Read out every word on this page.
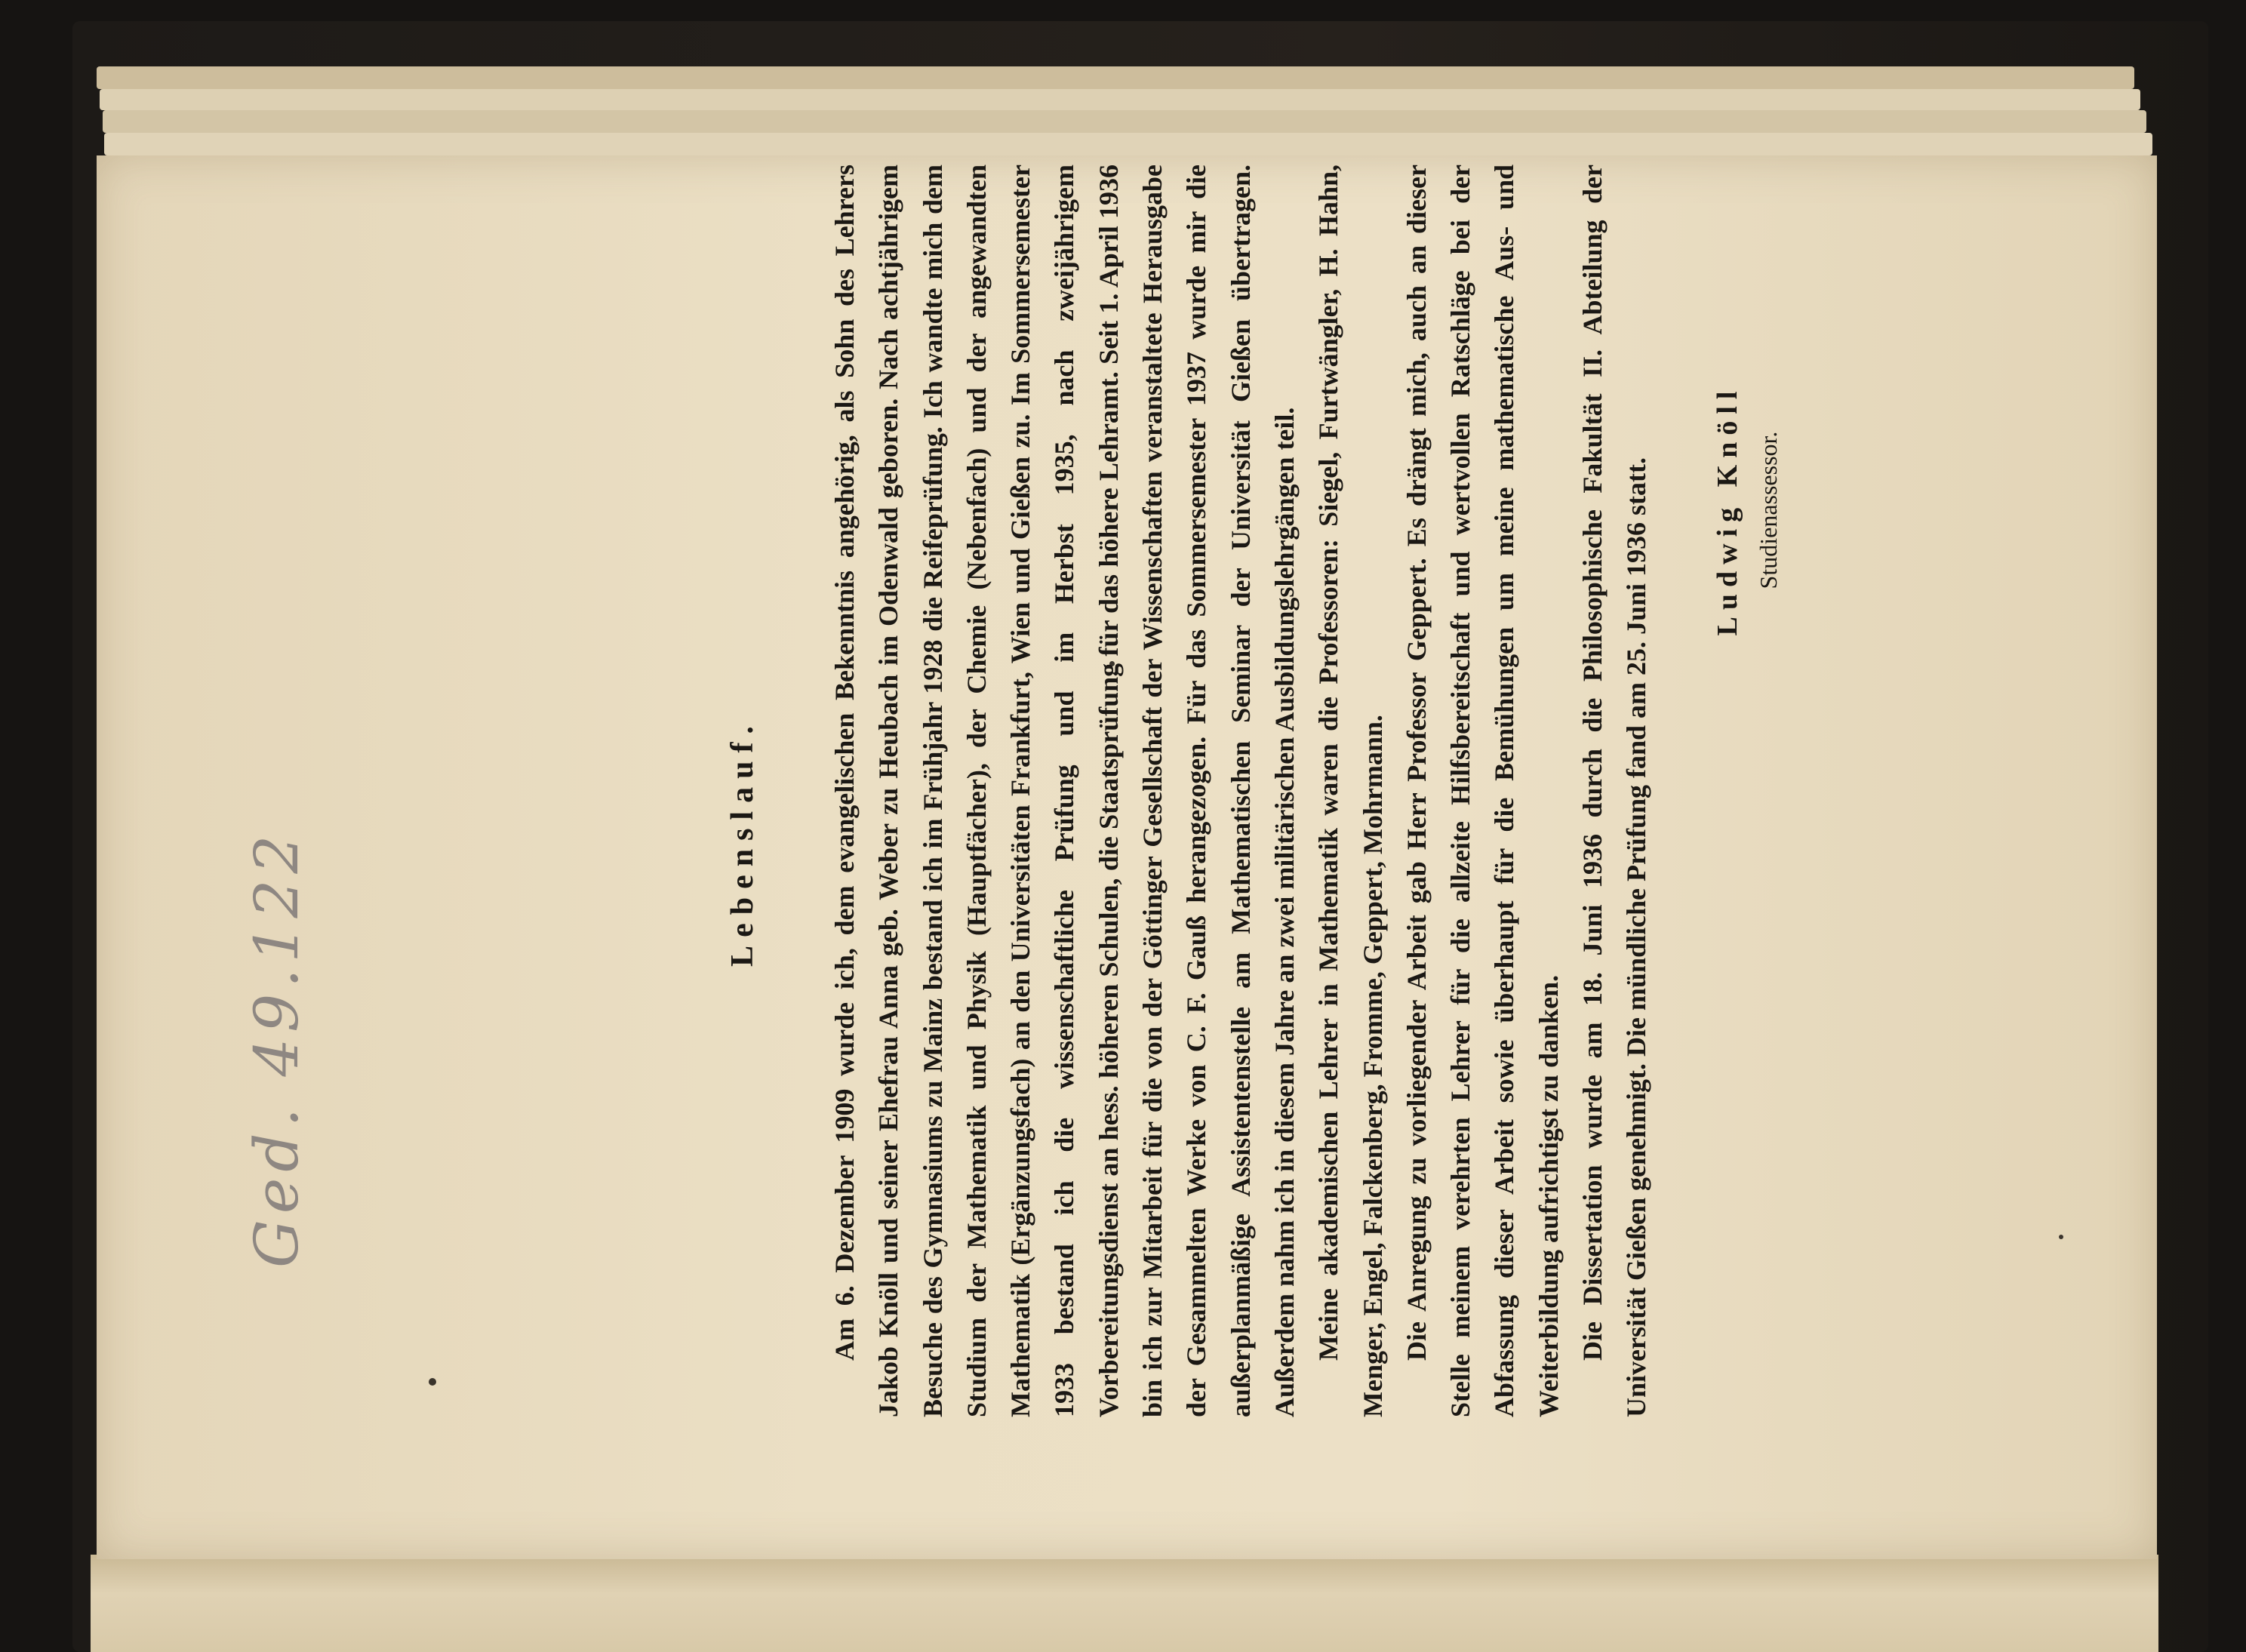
Lebenslauf.	Am 6. Dezember 1909 wurde ich, dem evangelischen Bekenntnis angehörig, als Sohn des Lehrers Jakob Knöll und seiner Ehefrau Anna geb. Weber zu Heubach im Odenwald geboren. Nach achtjährigem Besuche des Gymnasiums zu Mainz bestand ich im Frühjahr 1928 die Reifeprüfung. Ich wandte mich dem Studium der Mathematik und Physik (Hauptfächer), der Chemie (Nebenfach) und der angewandten Mathematik (Ergänzungsfach) an den Universitäten Frankfurt, Wien und Gießen zu. Im Sommersemester 1933 bestand ich die wissenschaftliche Prüfung und im Herbst 1935, nach zweijährigem Vorbereitungsdienst an hess. höheren Schulen, die Staatsprüfung für das höhere Lehramt. Seit 1. April 1936 bin ich zur Mitarbeit für die von der Göttinger Gesellschaft der Wissenschaften veranstaltete Herausgabe der Gesammelten Werke von C. F. Gauß herangezogen. Für das Sommersemester 1937 wurde mir die außerplanmäßige Assistentenstelle am Mathematischen Seminar der Universität Gießen übertragen. Außerdem nahm ich in diesem Jahre an zwei militärischen Ausbildungslehrgängen teil. Meine akademischen Lehrer in Mathematik waren die Professoren: Siegel, Furtwängler, H. Hahn, Menger, Engel, Falckenberg, Fromme, Geppert, Mohrmann. Die Anregung zu vorliegender Arbeit gab Herr Professor Geppert. Es drängt mich, auch an dieser Stelle meinem verehrten Lehrer für die allzeite Hilfsbereitschaft und wertvollen Ratschläge bei der Abfassung dieser Arbeit sowie überhaupt für die Bemühungen um meine mathematische Aus- und Weiterbildung aufrichtigst zu danken. Die Dissertation wurde am 18. Juni 1936 durch die Philosophische Fakultät II. Abteilung der Universität Gießen genehmigt. Die mündliche Prüfung fand am 25. Juni 1936 statt. Ludwig Knöll Studienassessor.
Ged. 49.122
